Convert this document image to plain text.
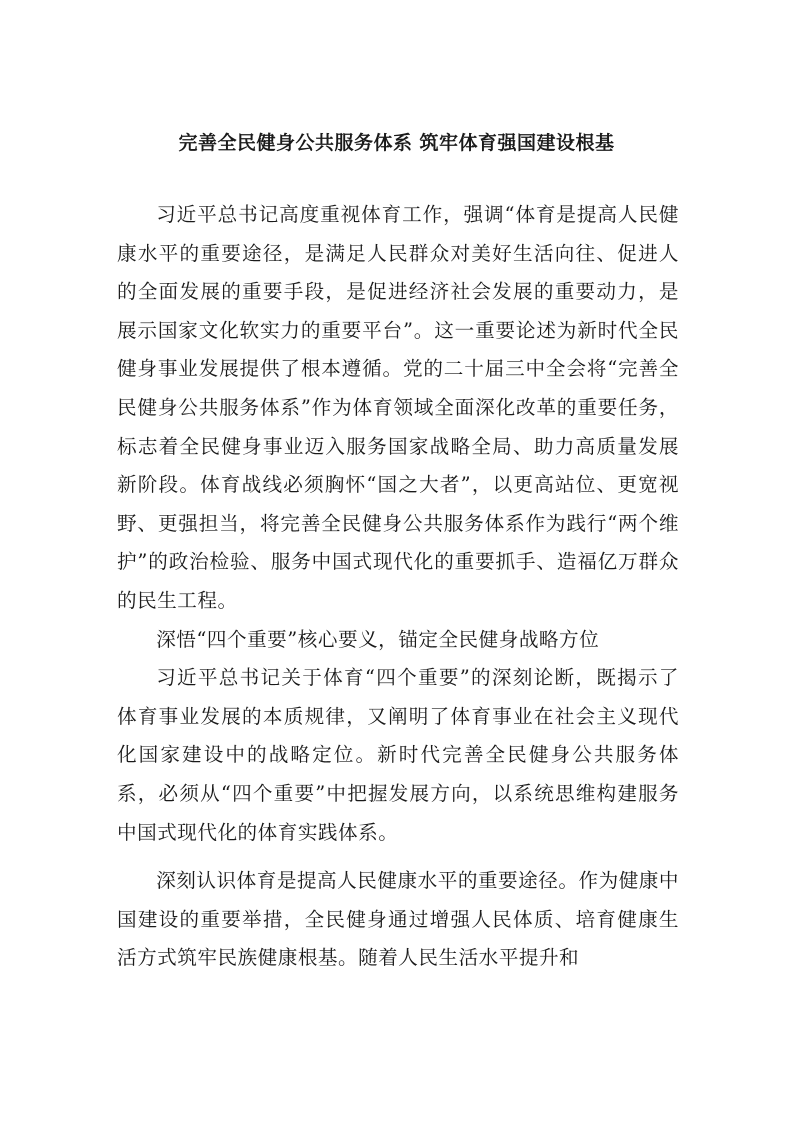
完善全民健身公共服务体系 筑牢体育强国建设根基

习近平总书记高度重视体育工作，强调“体育是提高人民健康水平的重要途径，是满足人民群众对美好生活向往、促进人的全面发展的重要手段，是促进经济社会发展的重要动力，是展示国家文化软实力的重要平台”。这一重要论述为新时代全民健身事业发展提供了根本遵循。党的二十届三中全会将“完善全民健身公共服务体系”作为体育领域全面深化改革的重要任务，标志着全民健身事业迈入服务国家战略全局、助力高质量发展新阶段。体育战线必须胸怀“国之大者”，以更高站位、更宽视野、更强担当，将完善全民健身公共服务体系作为践行“两个维护”的政治检验、服务中国式现代化的重要抓手、造福亿万群众的民生工程。

深悟“四个重要”核心要义，锚定全民健身战略方位

习近平总书记关于体育“四个重要”的深刻论断，既揭示了体育事业发展的本质规律，又阐明了体育事业在社会主义现代化国家建设中的战略定位。新时代完善全民健身公共服务体系，必须从“四个重要”中把握发展方向，以系统思维构建服务中国式现代化的体育实践体系。

深刻认识体育是提高人民健康水平的重要途径。作为健康中国建设的重要举措，全民健身通过增强人民体质、培育健康生活方式筑牢民族健康根基。随着人民生活水平提升和
